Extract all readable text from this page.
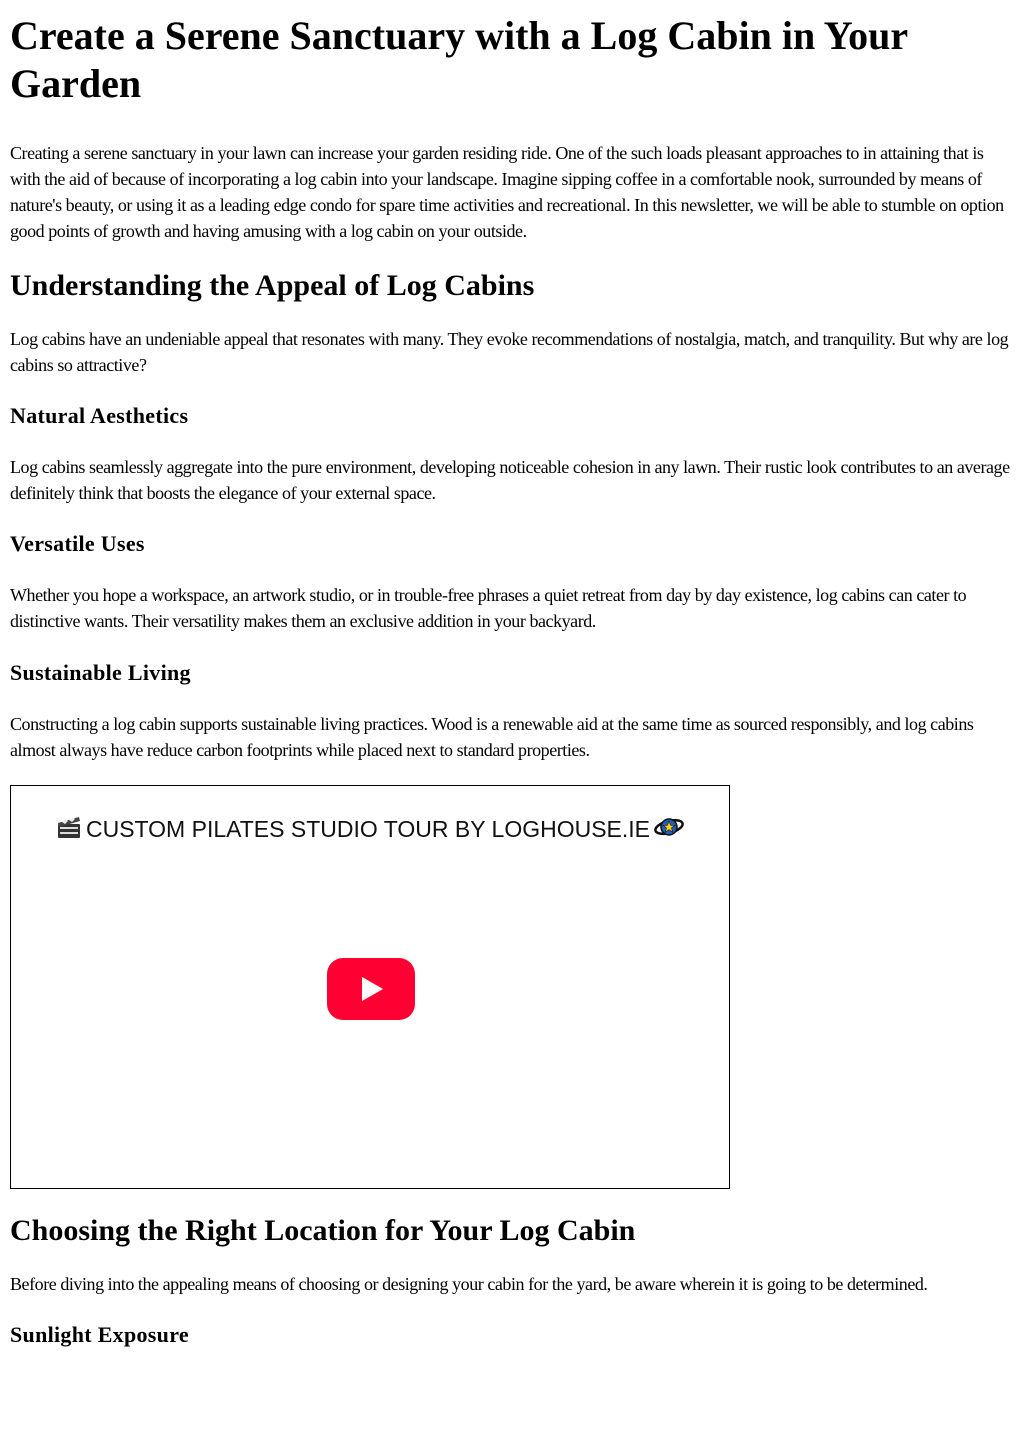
Create a Serene Sanctuary with a Log Cabin in Your Garden

Creating a serene sanctuary in your lawn can increase your garden residing ride. One of the such loads pleasant approaches to in attaining that is with the aid of because of incorporating a log cabin into your landscape. Imagine sipping coffee in a comfortable nook, surrounded by means of nature's beauty, or using it as a leading edge condo for spare time activities and recreational. In this newsletter, we will be able to stumble on option good points of growth and having amusing with a log cabin on your outside.

Understanding the Appeal of Log Cabins

Log cabins have an undeniable appeal that resonates with many. They evoke recommendations of nostalgia, match, and tranquility. But why are log cabins so attractive?

Natural Aesthetics

Log cabins seamlessly aggregate into the pure environment, developing noticeable cohesion in any lawn. Their rustic look contributes to an average definitely think that boosts the elegance of your external space.

Versatile Uses

Whether you hope a workspace, an artwork studio, or in trouble-free phrases a quiet retreat from day by day existence, log cabins can cater to distinctive wants. Their versatility makes them an exclusive addition in your backyard.

Sustainable Living

Constructing a log cabin supports sustainable living practices. Wood is a renewable aid at the same time as sourced responsibly, and log cabins almost always have reduce carbon footprints while placed next to standard properties.

CUSTOM PILATES STUDIO TOUR BY LOGHOUSE.IE
Choosing the Right Location for Your Log Cabin

Before diving into the appealing means of choosing or designing your cabin for the yard, be aware wherein it is going to be determined.

Sunlight Exposure
